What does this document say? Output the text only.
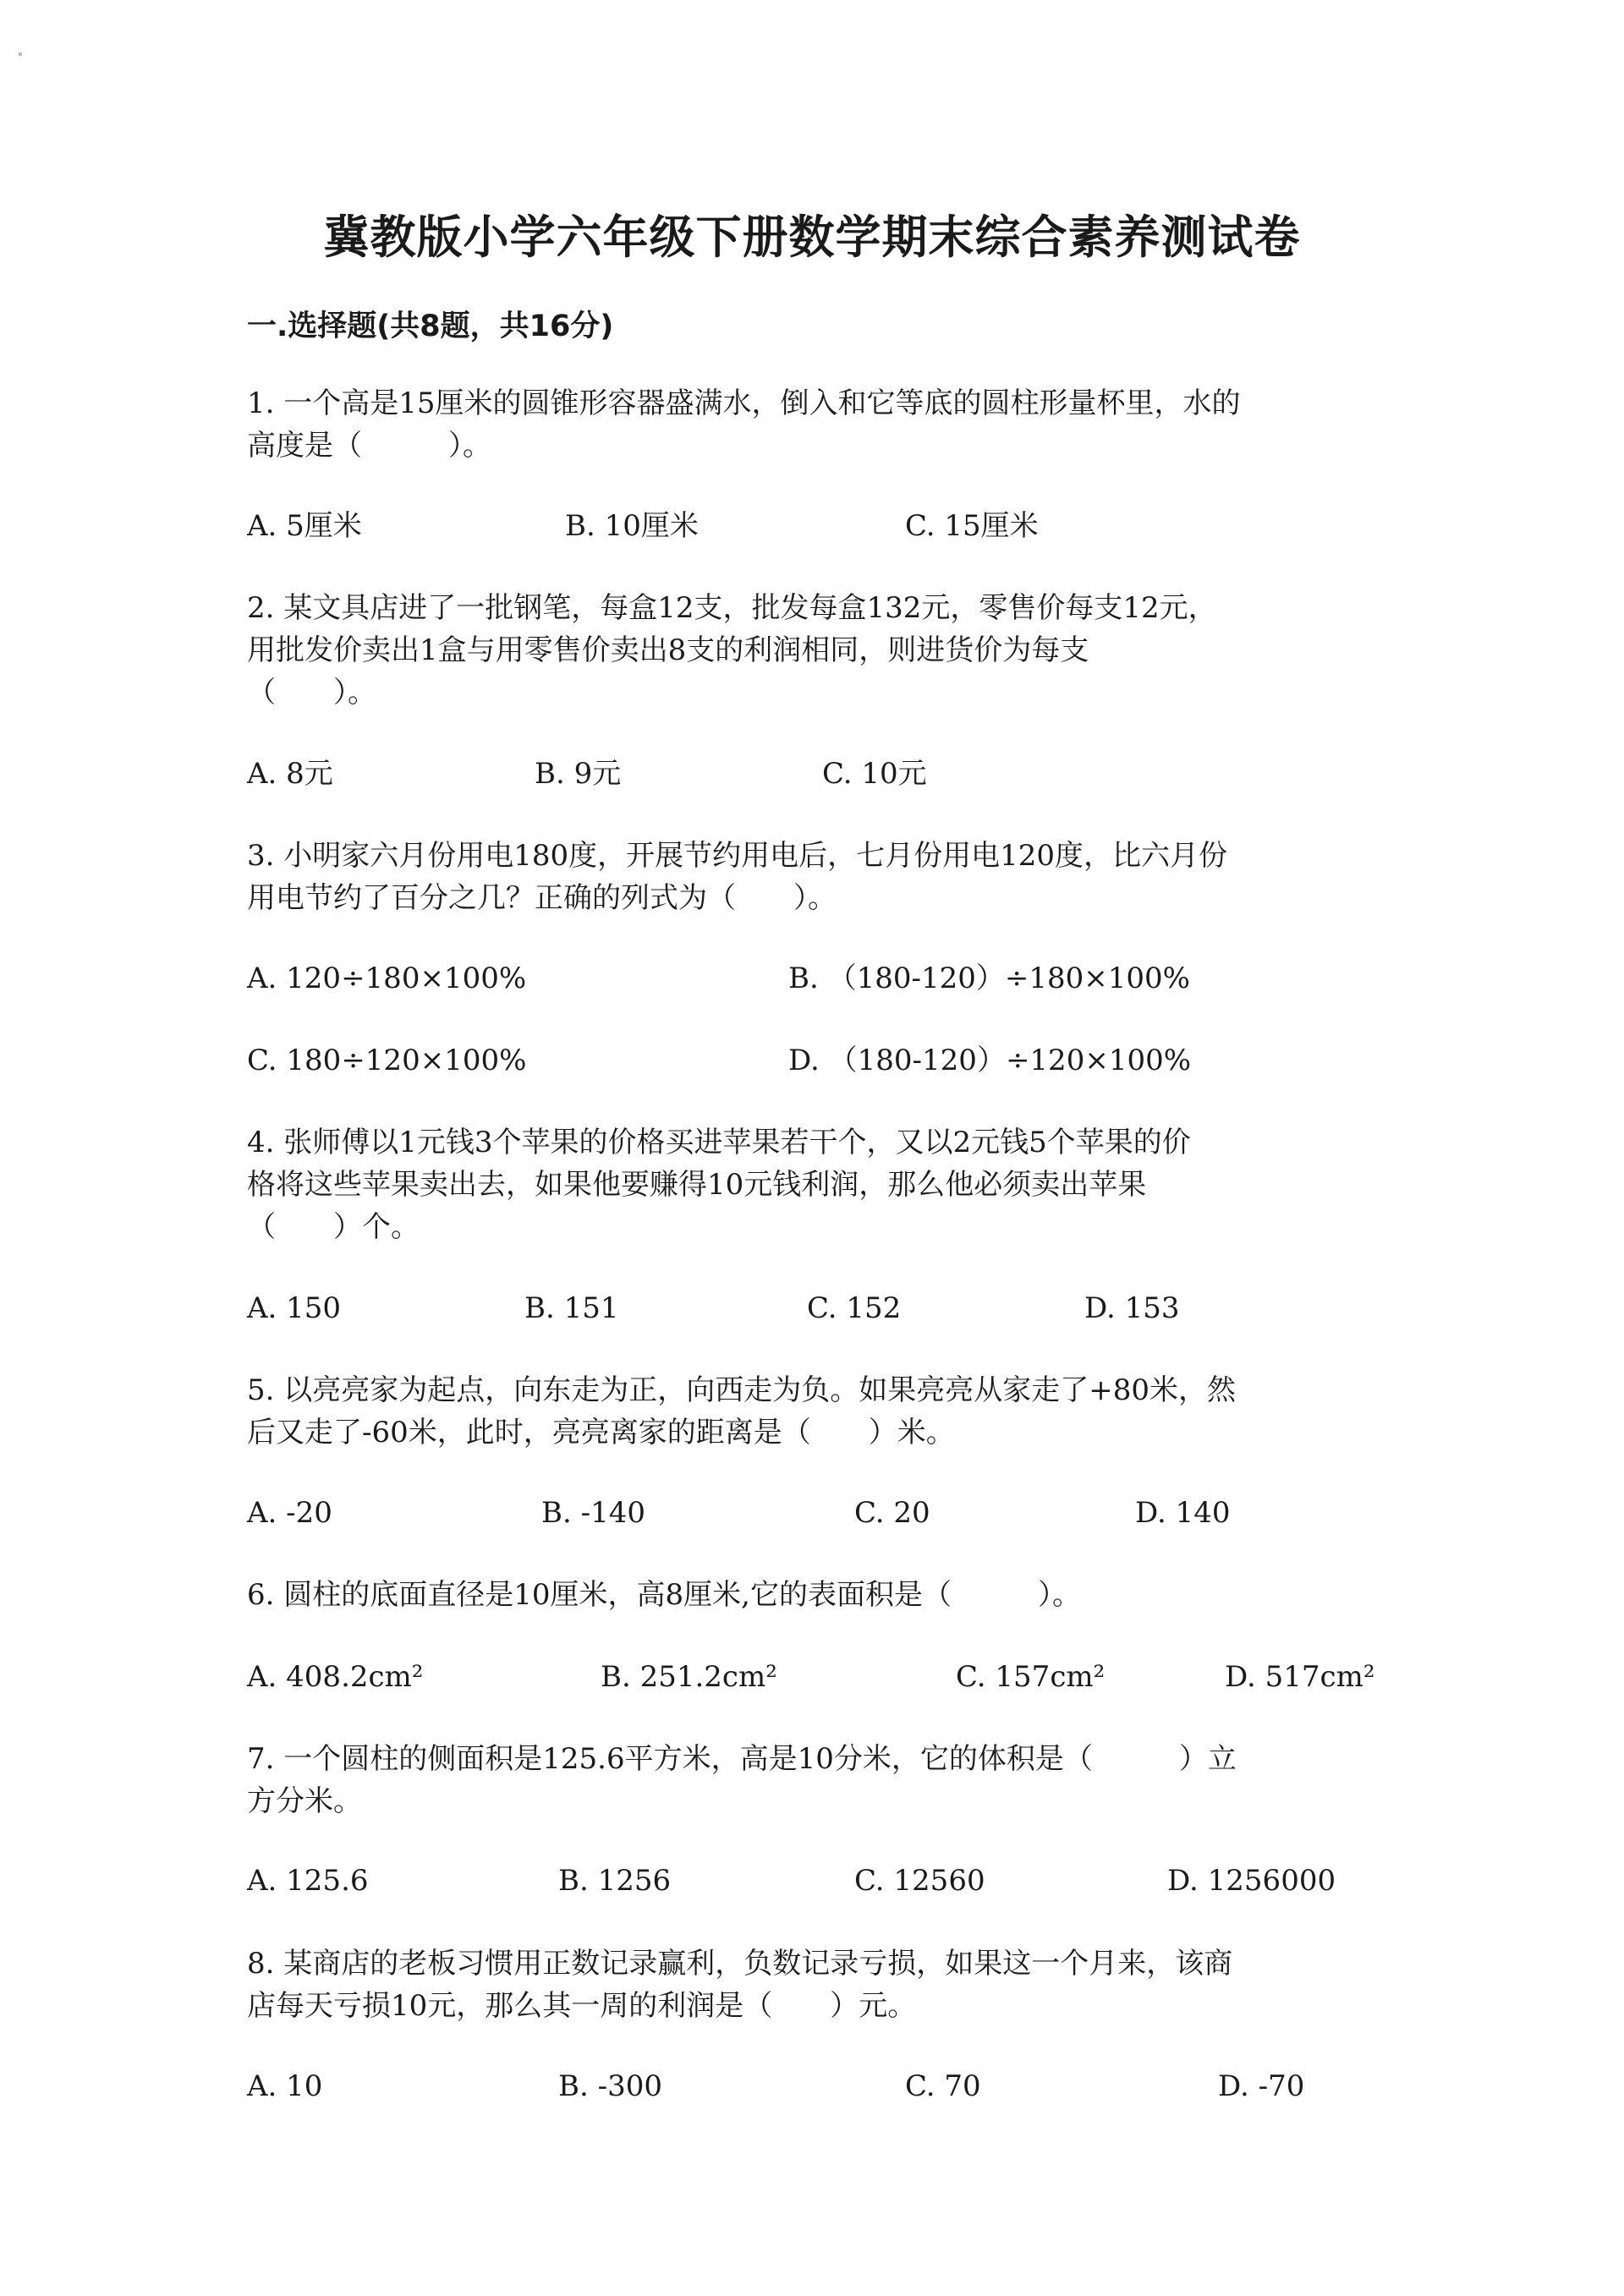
冀教版小学六年级下册数学期末综合素养测试卷
一.选择题(共8题，共16分)
1. 一个高是15厘米的圆锥形容器盛满水，倒入和它等底的圆柱形量杯里，水的
高度是（　　　）。
A. 5厘米	B. 10厘米	C. 15厘米
2. 某文具店进了一批钢笔，每盒12支，批发每盒132元，零售价每支12元，
用批发价卖出1盒与用零售价卖出8支的利润相同，则进货价为每支
（　　）。
A. 8元	B. 9元	C. 10元
3. 小明家六月份用电180度，开展节约用电后，七月份用电120度，比六月份
用电节约了百分之几？正确的列式为（　　）。
A. 120÷180×100%	B. （180-120）÷180×100%
C. 180÷120×100%	D. （180-120）÷120×100%
4. 张师傅以1元钱3个苹果的价格买进苹果若干个，又以2元钱5个苹果的价
格将这些苹果卖出去，如果他要赚得10元钱利润，那么他必须卖出苹果
（　　）个。
A. 150	B. 151	C. 152	D. 153
5. 以亮亮家为起点，向东走为正，向西走为负。如果亮亮从家走了+80米，然
后又走了-60米，此时，亮亮离家的距离是（　　）米。
A. -20	B. -140	C. 20	D. 140
6. 圆柱的底面直径是10厘米，高8厘米,它的表面积是（　　　）。
A. 408.2cm²	B. 251.2cm²	C. 157cm²	D. 517cm²
7. 一个圆柱的侧面积是125.6平方米，高是10分米，它的体积是（　　　）立
方分米。
A. 125.6	B. 1256	C. 12560	D. 1256000
8. 某商店的老板习惯用正数记录赢利，负数记录亏损，如果这一个月来，该商
店每天亏损10元，那么其一周的利润是（　　）元。
A. 10	B. -300	C. 70	D. -70
